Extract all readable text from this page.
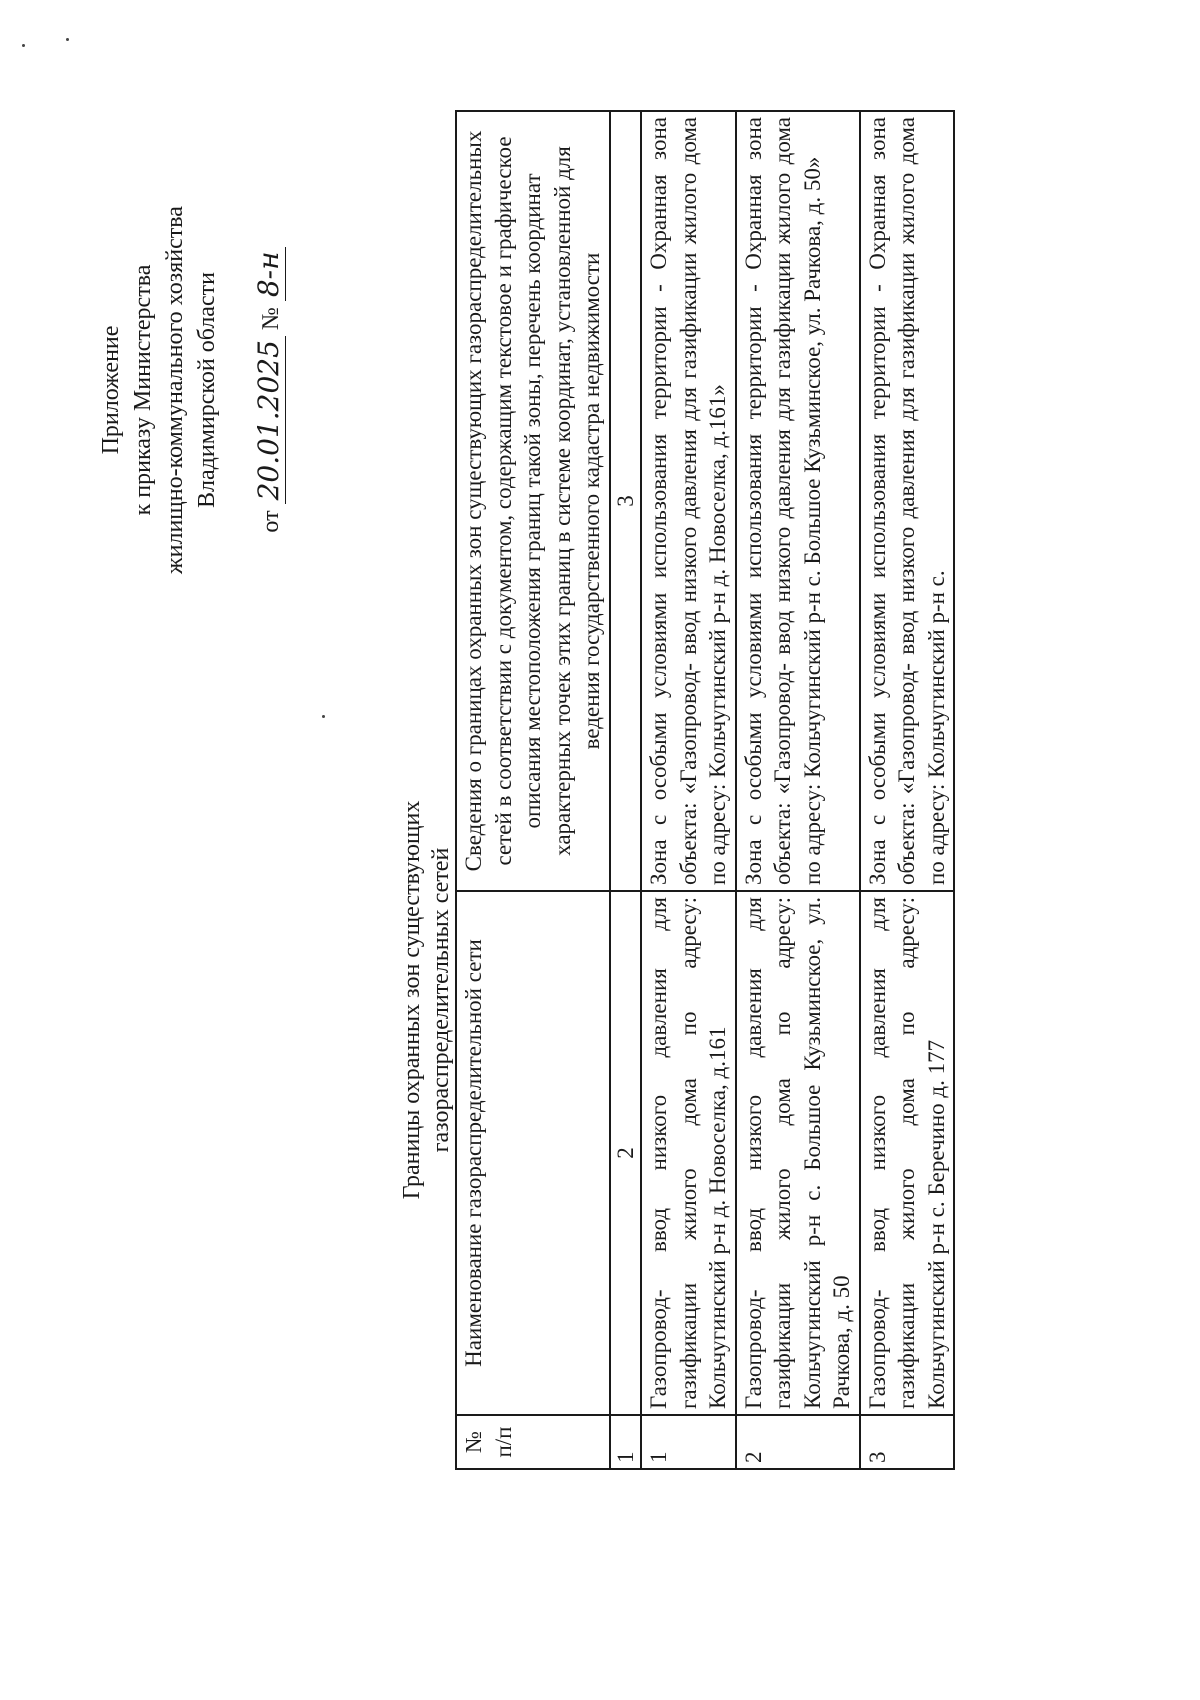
Приложение к приказу Министерства жилищно-коммунального хозяйства Владимирской области
от 20.01.2025 № 8-н
Границы охранных зон существующих газораспределительных сетей
№ п/п	Наименование газораспределительной сети	Сведения о границах охранных зон существующих газораспределительных сетей в соответствии с документом, содержащим текстовое и графическое описания местоположения границ такой зоны, перечень координат характерных точек этих границ в системе координат, установленной для ведения государственного кадастра недвижимости
1	2	3
1	Газопровод- ввод низкого давления для газификации жилого дома по адресу: Кольчугинский р-н д. Новоселка, д.161	Зона с особыми условиями использования территории - Охранная зона объекта: «Газопровод- ввод низкого давления для газификации жилого дома по адресу: Кольчугинский р-н д. Новоселка, д.161»
2	Газопровод- ввод низкого давления для газификации жилого дома по адресу: Кольчугинский р-н с. Большое Кузьминское, ул. Рачкова, д. 50	Зона с особыми условиями использования территории - Охранная зона объекта: «Газопровод- ввод низкого давления для газификации жилого дома по адресу: Кольчугинский р-н с. Большое Кузьминское, ул. Рачкова, д. 50»
3	Газопровод- ввод низкого давления для газификации жилого дома по адресу: Кольчугинский р-н с. Беречино д. 177	Зона с особыми условиями использования территории - Охранная зона объекта: «Газопровод- ввод низкого давления для газификации жилого дома по адресу: Кольчугинский р-н с.
